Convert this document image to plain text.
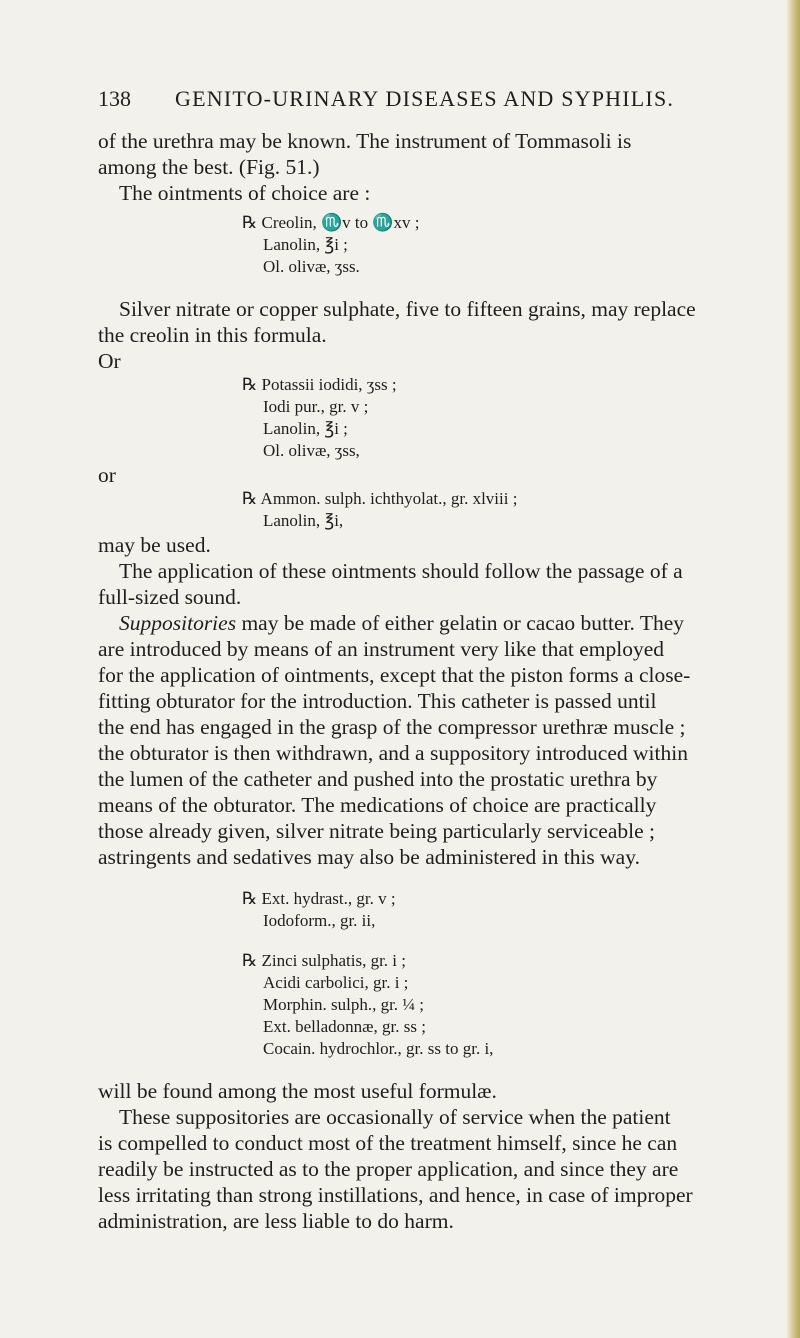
138 GENITO-URINARY DISEASES AND SYPHILIS.
of the urethra may be known. The instrument of Tommasoli is
among the best. (Fig. 51.)
The ointments of choice are :
℞ Creolin, ♏v to ♏xv ;
Lanolin, ℥i ;
Ol. olivæ, ʒss.
Silver nitrate or copper sulphate, five to fifteen grains, may replace
the creolin in this formula.
Or
℞ Potassii iodidi, ʒss ;
Iodi pur., gr. v ;
Lanolin, ℥i ;
Ol. olivæ, ʒss,
or
℞ Ammon. sulph. ichthyolat., gr. xlviii ;
Lanolin, ℥i,
may be used.
The application of these ointments should follow the passage of a
full-sized sound.
Suppositories may be made of either gelatin or cacao butter. They
are introduced by means of an instrument very like that employed
for the application of ointments, except that the piston forms a close-
fitting obturator for the introduction. This catheter is passed until
the end has engaged in the grasp of the compressor urethræ muscle ;
the obturator is then withdrawn, and a suppository introduced within
the lumen of the catheter and pushed into the prostatic urethra by
means of the obturator. The medications of choice are practically
those already given, silver nitrate being particularly serviceable ;
astringents and sedatives may also be administered in this way.
℞ Ext. hydrast., gr. v ;
Iodoform., gr. ii,
℞ Zinci sulphatis, gr. i ;
Acidi carbolici, gr. i ;
Morphin. sulph., gr. ¼ ;
Ext. belladonnæ, gr. ss ;
Cocain. hydrochlor., gr. ss to gr. i,
will be found among the most useful formulæ.
These suppositories are occasionally of service when the patient
is compelled to conduct most of the treatment himself, since he can
readily be instructed as to the proper application, and since they are
less irritating than strong instillations, and hence, in case of improper
administration, are less liable to do harm.
